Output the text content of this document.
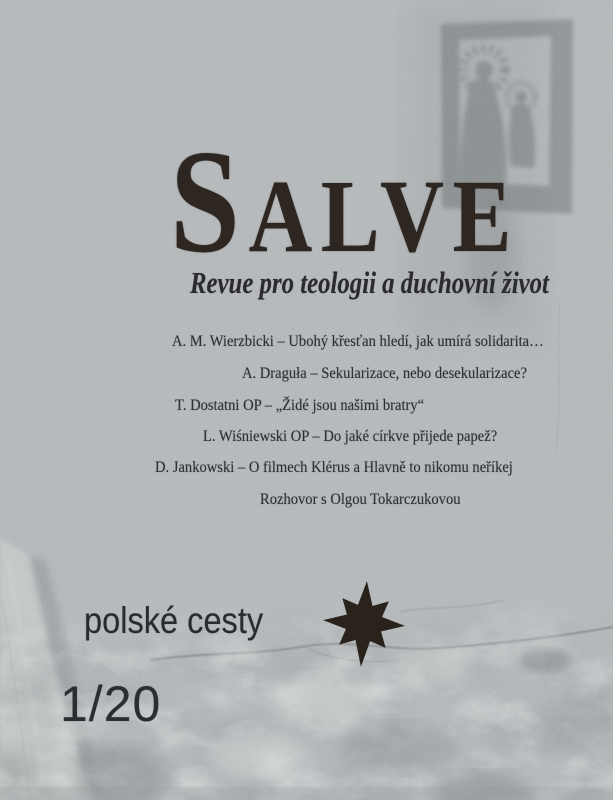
SALVE
Revue pro teologii a duchovní život
A. M. Wierzbicki – Ubohý křesťan hledí, jak umírá solidarita…
A. Draguła – Sekularizace, nebo desekularizace?
T. Dostatni OP – „Židé jsou našimi bratry“
L. Wiśniewski OP – Do jaké církve přijede papež?
D. Jankowski – O filmech Klérus a Hlavně to nikomu neříkej
Rozhovor s Olgou Tokarczukovou
polské cesty
1/20
